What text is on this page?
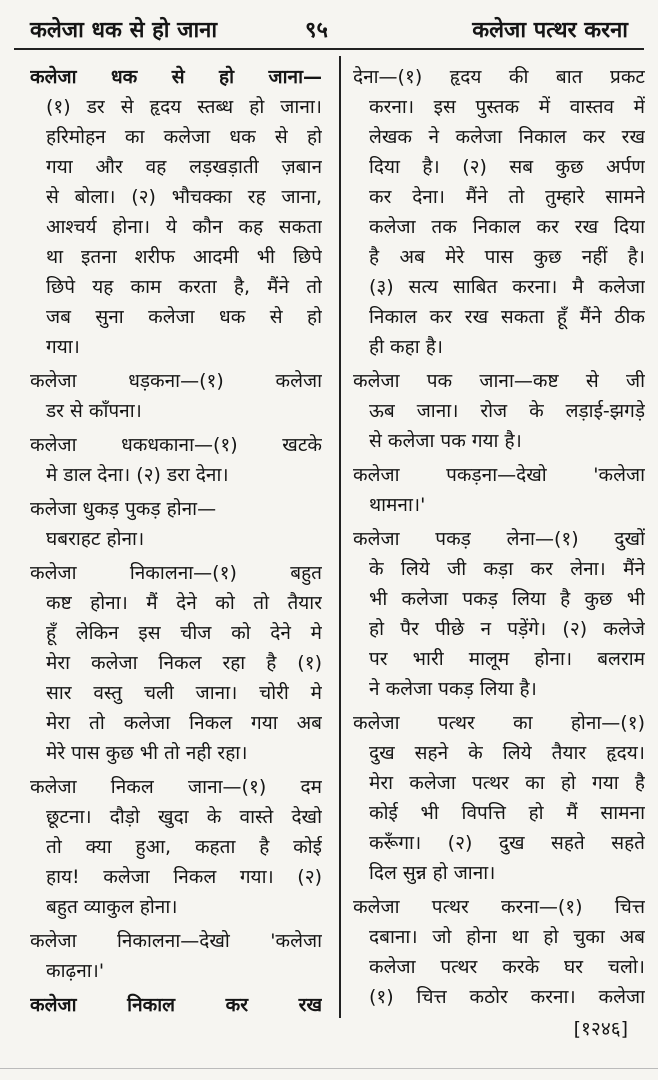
कलेजा धक से हो जाना	९५	कलेजा पत्थर करना
कलेजा धक से हो जाना—
(१) डर से हृदय स्तब्ध हो जाना।
हरिमोहन का कलेजा धक से हो
गया और वह लड़खड़ाती ज़बान
से बोला। (२) भौचक्का रह जाना,
आश्चर्य होना। ये कौन कह सकता
था इतना शरीफ आदमी भी छिपे
छिपे यह काम करता है, मैंने तो
जब सुना कलेजा धक से हो
गया।
कलेजा धड़कना—(१) कलेजा
डर से काँपना।
कलेजा धकधकाना—(१) खटके
मे डाल देना। (२) डरा देना।
कलेजा धुकड़ पुकड़ होना—
घबराहट होना।
कलेजा निकालना—(१) बहुत
कष्ट होना। मैं देने को तो तैयार
हूँ लेकिन इस चीज को देने मे
मेरा कलेजा निकल रहा है (१)
सार वस्तु चली जाना। चोरी मे
मेरा तो कलेजा निकल गया अब
मेरे पास कुछ भी तो नही रहा।
कलेजा निकल जाना—(१) दम
छूटना। दौड़ो खुदा के वास्ते देखो
तो क्या हुआ, कहता है कोई
हाय! कलेजा निकल गया। (२)
बहुत व्याकुल होना।
कलेजा निकालना—देखो 'कलेजा
काढ़ना।'
कलेजा निकाल कर रख
देना—(१) हृदय की बात प्रकट
करना। इस पुस्तक में वास्तव में
लेखक ने कलेजा निकाल कर रख
दिया है। (२) सब कुछ अर्पण
कर देना। मैंने तो तुम्हारे सामने
कलेजा तक निकाल कर रख दिया
है अब मेरे पास कुछ नहीं है।
(३) सत्य साबित करना। मै कलेजा
निकाल कर रख सकता हूँ मैंने ठीक
ही कहा है।
कलेजा पक जाना—कष्ट से जी
ऊब जाना। रोज के लड़ाई-झगड़े
से कलेजा पक गया है।
कलेजा पकड़ना—देखो 'कलेजा
थामना।'
कलेजा पकड़ लेना—(१) दुखों
के लिये जी कड़ा कर लेना। मैंने
भी कलेजा पकड़ लिया है कुछ भी
हो पैर पीछे न पड़ेंगे। (२) कलेजे
पर भारी मालूम होना। बलराम
ने कलेजा पकड़ लिया है।
कलेजा पत्थर का होना—(१)
दुख सहने के लिये तैयार हृदय।
मेरा कलेजा पत्थर का हो गया है
कोई भी विपत्ति हो मैं सामना
करूँगा। (२) दुख सहते सहते
दिल सुन्न हो जाना।
कलेजा पत्थर करना—(१) चित्त
दबाना। जो होना था हो चुका अब
कलेजा पत्थर करके घर चलो।
(१) चित्त कठोर करना। कलेजा
[१२४६]
